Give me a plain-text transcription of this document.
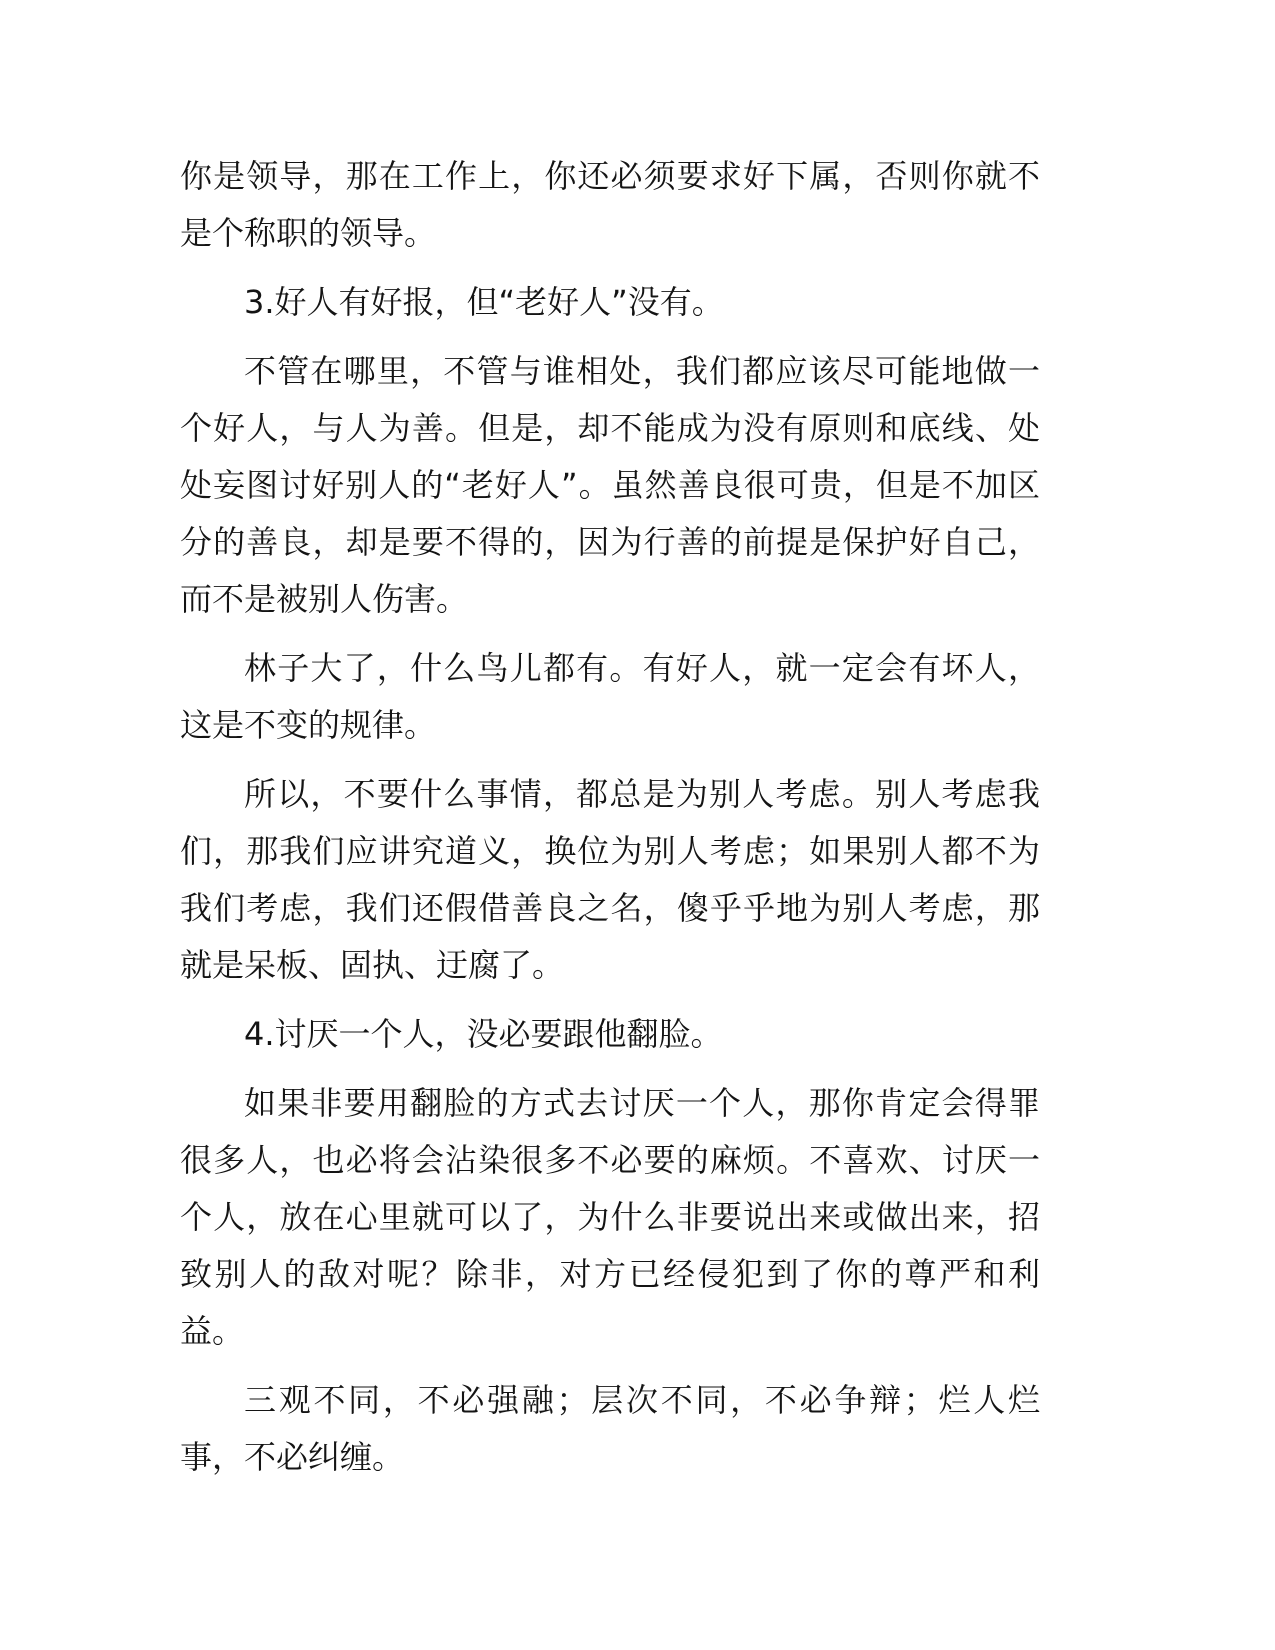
你是领导，那在工作上，你还必须要求好下属，否则你就不是个称职的领导。

3.好人有好报，但“老好人”没有。

不管在哪里，不管与谁相处，我们都应该尽可能地做一个好人，与人为善。但是，却不能成为没有原则和底线、处处妄图讨好别人的“老好人”。虽然善良很可贵，但是不加区分的善良，却是要不得的，因为行善的前提是保护好自己，而不是被别人伤害。

林子大了，什么鸟儿都有。有好人，就一定会有坏人，这是不变的规律。

所以，不要什么事情，都总是为别人考虑。别人考虑我们，那我们应讲究道义，换位为别人考虑；如果别人都不为我们考虑，我们还假借善良之名，傻乎乎地为别人考虑，那就是呆板、固执、迂腐了。

4.讨厌一个人，没必要跟他翻脸。

如果非要用翻脸的方式去讨厌一个人，那你肯定会得罪很多人，也必将会沾染很多不必要的麻烦。不喜欢、讨厌一个人，放在心里就可以了，为什么非要说出来或做出来，招致别人的敌对呢？除非，对方已经侵犯到了你的尊严和利益。

三观不同，不必强融；层次不同，不必争辩；烂人烂事，不必纠缠。
